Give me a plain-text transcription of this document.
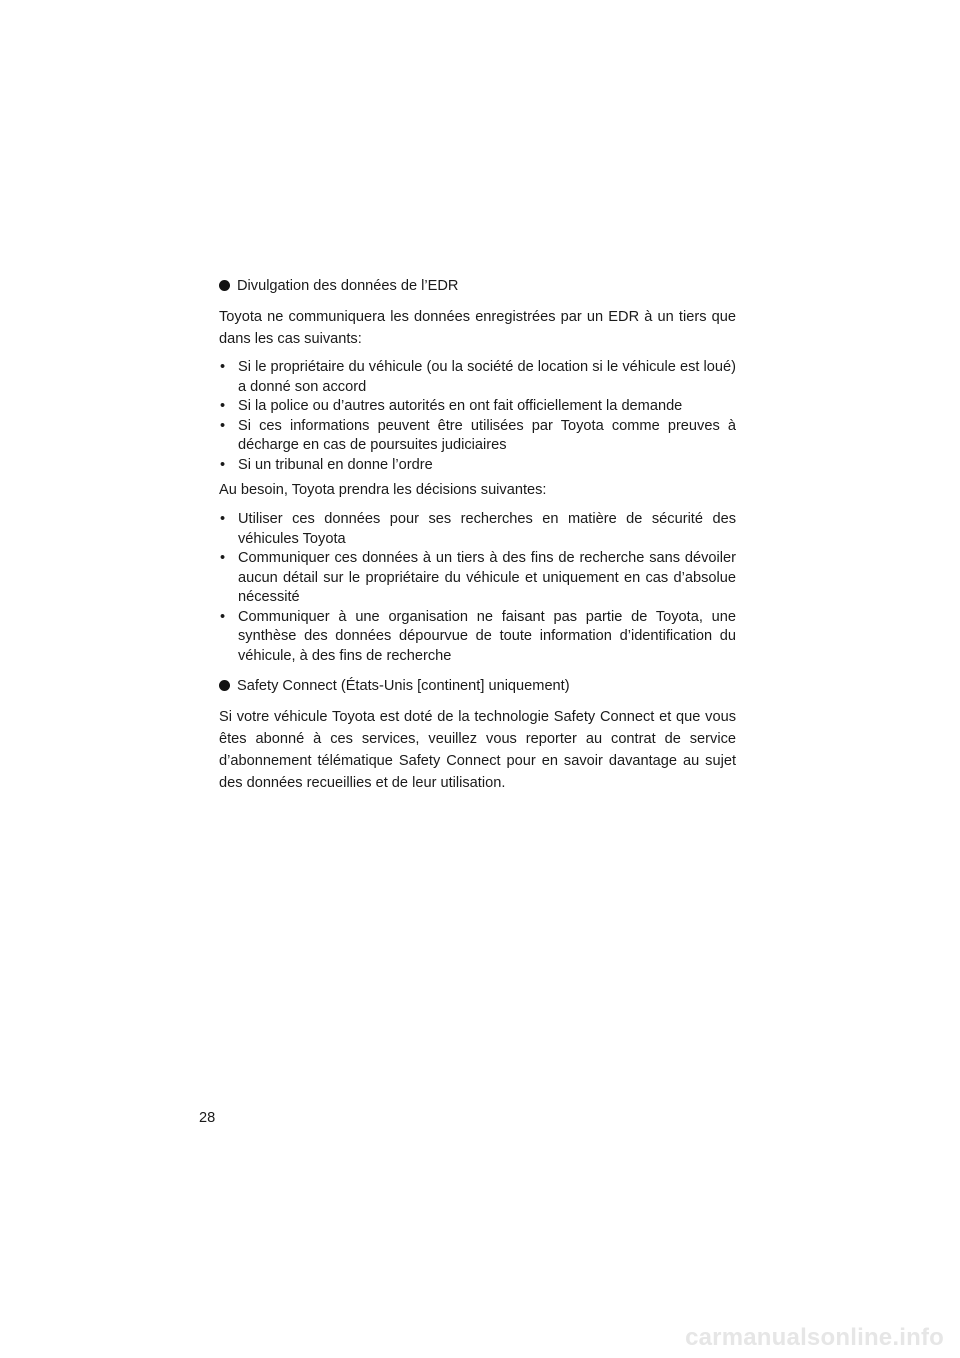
Divulgation des données de l’EDR

Toyota ne communiquera les données enregistrées par un EDR à un tiers que dans les cas suivants:

• Si le propriétaire du véhicule (ou la société de location si le véhicule est loué) a donné son accord
• Si la police ou d’autres autorités en ont fait officiellement la demande
• Si ces informations peuvent être utilisées par Toyota comme preuves à décharge en cas de poursuites judiciaires
• Si un tribunal en donne l’ordre

Au besoin, Toyota prendra les décisions suivantes:

• Utiliser ces données pour ses recherches en matière de sécurité des véhicules Toyota
• Communiquer ces données à un tiers à des fins de recherche sans dévoiler aucun détail sur le propriétaire du véhicule et uniquement en cas d’absolue nécessité
• Communiquer à une organisation ne faisant pas partie de Toyota, une synthèse des données dépourvue de toute information d’identification du véhicule, à des fins de recherche
Safety Connect (États-Unis [continent] uniquement)

Si votre véhicule Toyota est doté de la technologie Safety Connect et que vous êtes abonné à ces services, veuillez vous reporter au contrat de service d’abonnement télématique Safety Connect pour en savoir davantage au sujet des données recueillies et de leur utilisation.

28
carmanualsonline.info
